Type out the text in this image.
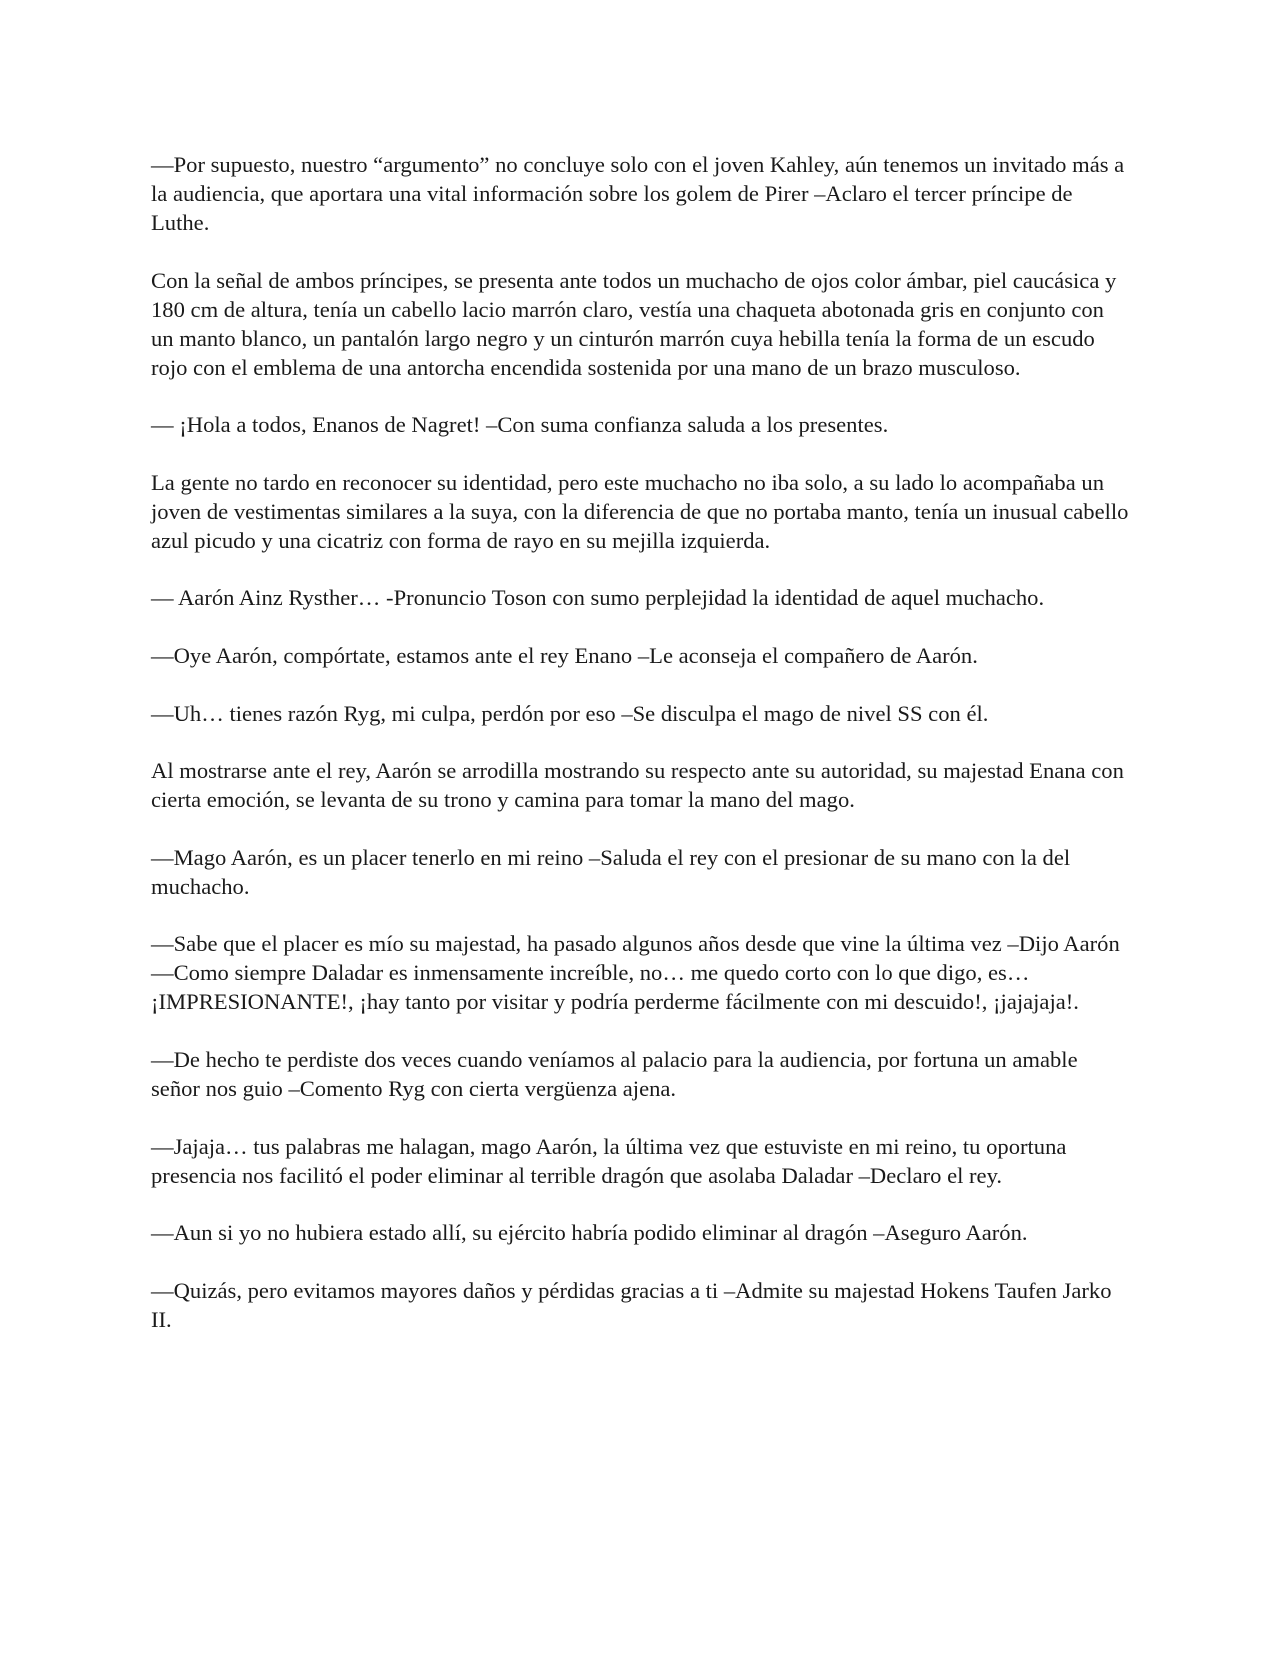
—Por supuesto, nuestro “argumento” no concluye solo con el joven Kahley, aún tenemos un invitado más a la audiencia, que aportara una vital información sobre los golem de Pirer –Aclaro el tercer príncipe de Luthe.

Con la señal de ambos príncipes, se presenta ante todos un muchacho de ojos color ámbar, piel caucásica y 180 cm de altura, tenía un cabello lacio marrón claro, vestía una chaqueta abotonada gris en conjunto con un manto blanco, un pantalón largo negro y un cinturón marrón cuya hebilla tenía la forma de un escudo rojo con el emblema de una antorcha encendida sostenida por una mano de un brazo musculoso.

— ¡Hola a todos, Enanos de Nagret! –Con suma confianza saluda a los presentes.

La gente no tardo en reconocer su identidad, pero este muchacho no iba solo, a su lado lo acompañaba un joven de vestimentas similares a la suya, con la diferencia de que no portaba manto, tenía un inusual cabello azul picudo y una cicatriz con forma de rayo en su mejilla izquierda.

— Aarón Ainz Rysther… -Pronuncio Toson con sumo perplejidad la identidad de aquel muchacho.

—Oye Aarón, compórtate, estamos ante el rey Enano –Le aconseja el compañero de Aarón.

—Uh… tienes razón Ryg, mi culpa, perdón por eso –Se disculpa el mago de nivel SS con él.

Al mostrarse ante el rey, Aarón se arrodilla mostrando su respecto ante su autoridad, su majestad Enana con cierta emoción, se levanta de su trono y camina para tomar la mano del mago.

—Mago Aarón, es un placer tenerlo en mi reino –Saluda el rey con el presionar de su mano con la del muchacho.

—Sabe que el placer es mío su majestad, ha pasado algunos años desde que vine la última vez –Dijo Aarón —Como siempre Daladar es inmensamente increíble, no… me quedo corto con lo que digo, es… ¡IMPRESIONANTE!, ¡hay tanto por visitar y podría perderme fácilmente con mi descuido!, ¡jajajaja!.

—De hecho te perdiste dos veces cuando veníamos al palacio para la audiencia, por fortuna un amable señor nos guio –Comento Ryg con cierta vergüenza ajena.

—Jajaja… tus palabras me halagan, mago Aarón, la última vez que estuviste en mi reino, tu oportuna presencia nos facilitó el poder eliminar al terrible dragón que asolaba Daladar –Declaro el rey.

—Aun si yo no hubiera estado allí, su ejército habría podido eliminar al dragón –Aseguro Aarón.

—Quizás, pero evitamos mayores daños y pérdidas gracias a ti –Admite su majestad Hokens Taufen Jarko II.
